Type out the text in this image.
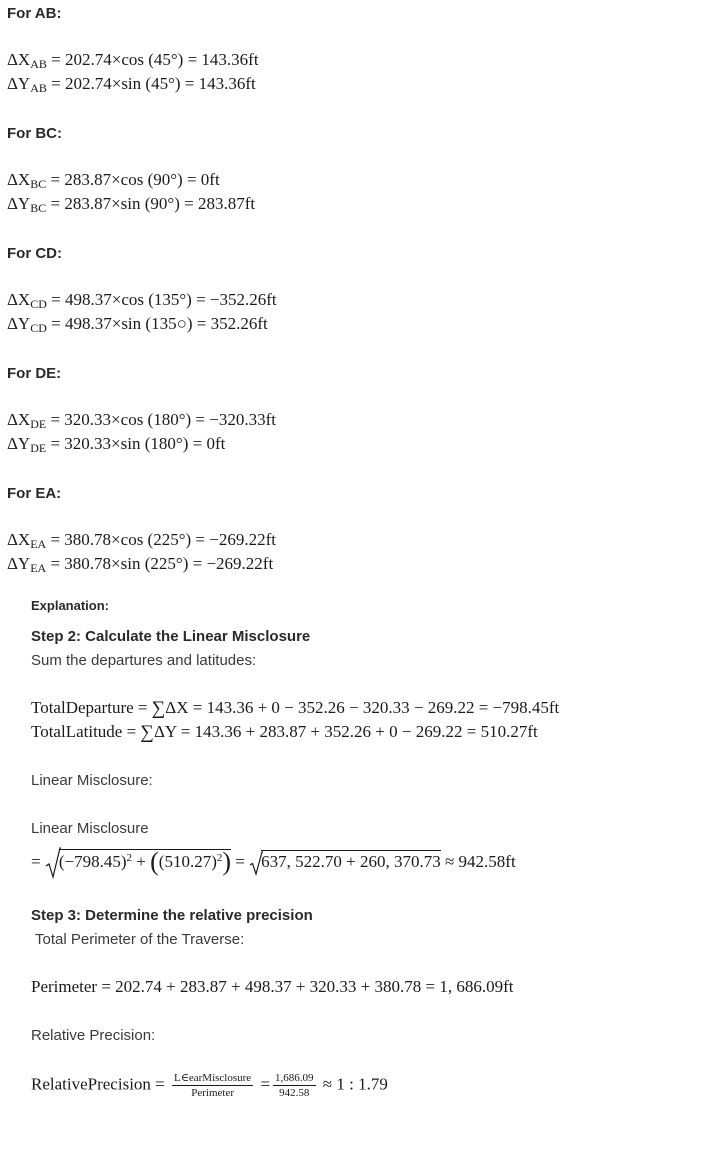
For AB:
$\Delta X_{AB} = 202.74\times\cos$ (45°) = 143.36ft
$\Delta Y_{AB} = 202.74\times\sin$ (45°) = 143.36ft
For BC:
$\Delta X_{BC} = 283.87\times\cos$ (90°) = 0ft
$\Delta Y_{BC} = 283.87\times\sin$ (90°) = 283.87ft
For CD:
$\Delta X_{CD} = 498.37\times\cos$ (135°) = −352.26ft
$\Delta Y_{CD} = 498.37\times\sin$ (135○) = 352.26ft
For DE:
$\Delta X_{DE} = 320.33\times\cos$ (180°) = −320.33ft
$\Delta Y_{DE} = 320.33\times\sin$ (180°) = 0ft
For EA:
$\Delta X_{EA} = 380.78\times\cos$ (225°) = −269.22ft
$\Delta Y_{EA} = 380.78\times\sin$ (225°) = −269.22ft
Explanation:
Step 2: Calculate the Linear Misclosure
Sum the departures and latitudes:
TotalDeparture = ∑ΔX = 143.36 + 0 − 352.26 − 320.33 − 269.22 = −798.45ft
TotalLatitude = ∑ΔY = 143.36 + 283.87 + 352.26 + 0 − 269.22 = 510.27ft
Linear Misclosure:
Linear Misclosure
= $(-798.45)^2 + ((510.27)^2) = 637$, 522.70 + 260, 370.73 ≈ 942.58ft
Step 3: Determine the relative precision
Total Perimeter of the Traverse:
Perimeter = 202.74 + 283.87 + 498.37 + 320.33 + 380.78 = 1, 686.09ft
Relative Precision:
RelativePrecision = $\frac{\text{L∈earMisclosure}}{\text{Perimeter}} = \frac{1,686.09}{942.58} \approx 1$ : 1.79
